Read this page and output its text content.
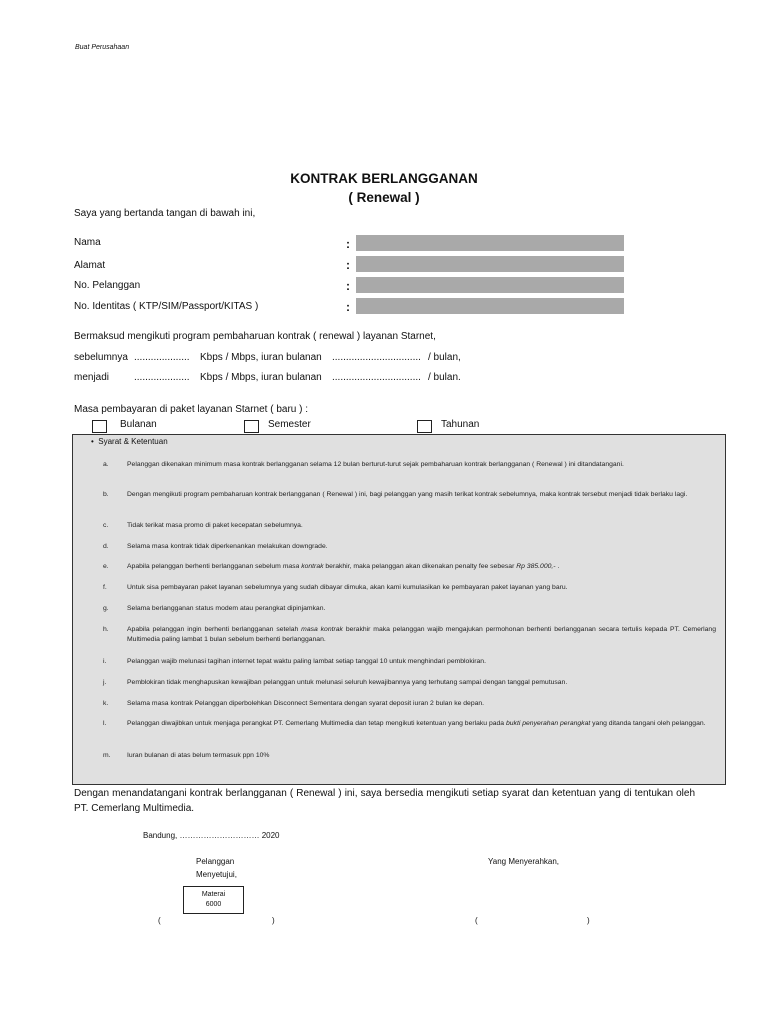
Buat Perusahaan
KONTRAK BERLANGGANAN
( Renewal )
Saya yang bertanda tangan di bawah ini,
Nama	:
Alamat	:
No. Pelanggan	:
No. Identitas ( KTP/SIM/Passport/KITAS )	:
Bermaksud mengikuti program pembaharuan kontrak ( renewal ) layanan Starnet,
sebelumnya .................... Kbps / Mbps, iuran bulanan ................................ / bulan,
menjadi .................... Kbps / Mbps, iuran bulanan ................................ / bulan.
Masa pembayaran di paket layanan Starnet ( baru ) :
Bulanan	Semester	Tahunan
• Syarat & Ketentuan
a.	Pelanggan dikenakan minimum masa kontrak berlangganan selama 12 bulan berturut-turut sejak pembaharuan kontrak berlangganan ( Renewal ) ini ditandatangani.
b.	Dengan mengikuti program pembaharuan kontrak berlangganan ( Renewal ) ini, bagi pelanggan yang masih terikat kontrak sebelumnya, maka kontrak tersebut menjadi tidak berlaku lagi.
c.	Tidak terikat masa promo di paket kecepatan sebelumnya.
d.	Selama masa kontrak tidak diperkenankan melakukan downgrade.
e.	Apabila pelanggan berhenti berlangganan sebelum masa kontrak berakhir, maka pelanggan akan dikenakan penalty fee sebesar Rp 385.000,- .
f.	Untuk sisa pembayaran paket layanan sebelumnya yang sudah dibayar dimuka, akan kami kumulasikan ke pembayaran paket layanan yang baru.
g.	Selama berlangganan status modem atau perangkat dipinjamkan.
h.	Apabila pelanggan ingin berhenti berlangganan setelah masa kontrak berakhir maka pelanggan wajib mengajukan permohonan berhenti berlangganan secara tertulis kepada PT. Cemerlang Multimedia paling lambat 1 bulan sebelum berhenti berlangganan.
i.	Pelanggan wajib melunasi tagihan internet tepat waktu paling lambat setiap tanggal 10 untuk menghindari pemblokiran.
j.	Pemblokiran tidak menghapuskan kewajiban pelanggan untuk melunasi seluruh kewajibannya yang terhutang sampai dengan tanggal pemutusan.
k.	Selama masa kontrak Pelanggan diperbolehkan Disconnect Sementara dengan syarat deposit iuran 2 bulan ke depan.
l.	Pelanggan diwajibkan untuk menjaga perangkat PT. Cemerlang Multimedia dan tetap mengikuti ketentuan yang berlaku pada bukti penyerahan perangkat yang ditanda tangani oleh pelanggan.
m. Iuran bulanan di atas belum termasuk ppn 10%
Dengan menandatangani kontrak berlangganan ( Renewal ) ini, saya bersedia mengikuti setiap syarat dan ketentuan yang di tentukan oleh PT. Cemerlang Multimedia.
Bandung, ………………………… 2020
Pelanggan
Menyetujui,
Materai
6000
(	)
Yang Menyerahkan,
(	)
